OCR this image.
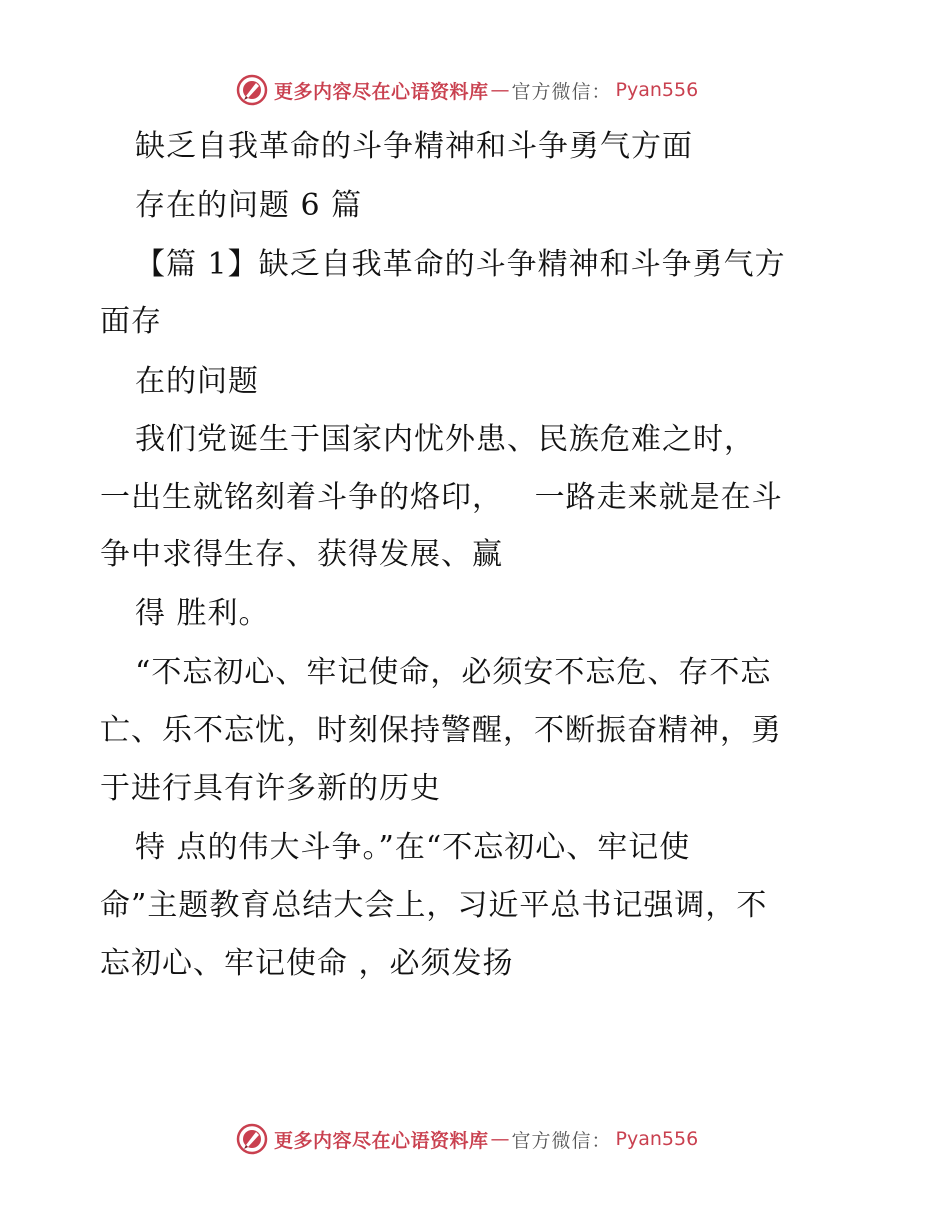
更多内容尽在心语资料库 — 官方微信： Pyan556
缺乏自我革命的斗争精神和斗争勇气方面
存在的问题 6 篇
【篇 1】缺乏自我革命的斗争精神和斗争勇气方
面存
在的问题
我们党诞生于国家内忧外患、民族危难之时，
一出生就铭刻着斗争的烙印，   一路走来就是在斗
争中求得生存、获得发展、赢
得 胜利。
“不忘初心、牢记使命，必须安不忘危、存不忘
亡、乐不忘忧，时刻保持警醒，不断振奋精神，勇
于进行具有许多新的历史
特 点的伟大斗争。”在“不忘初心、牢记使
命”主题教育总结大会上，习近平总书记强调，不
忘初心、牢记使命 ，必须发扬
更多内容尽在心语资料库 — 官方微信： Pyan556
